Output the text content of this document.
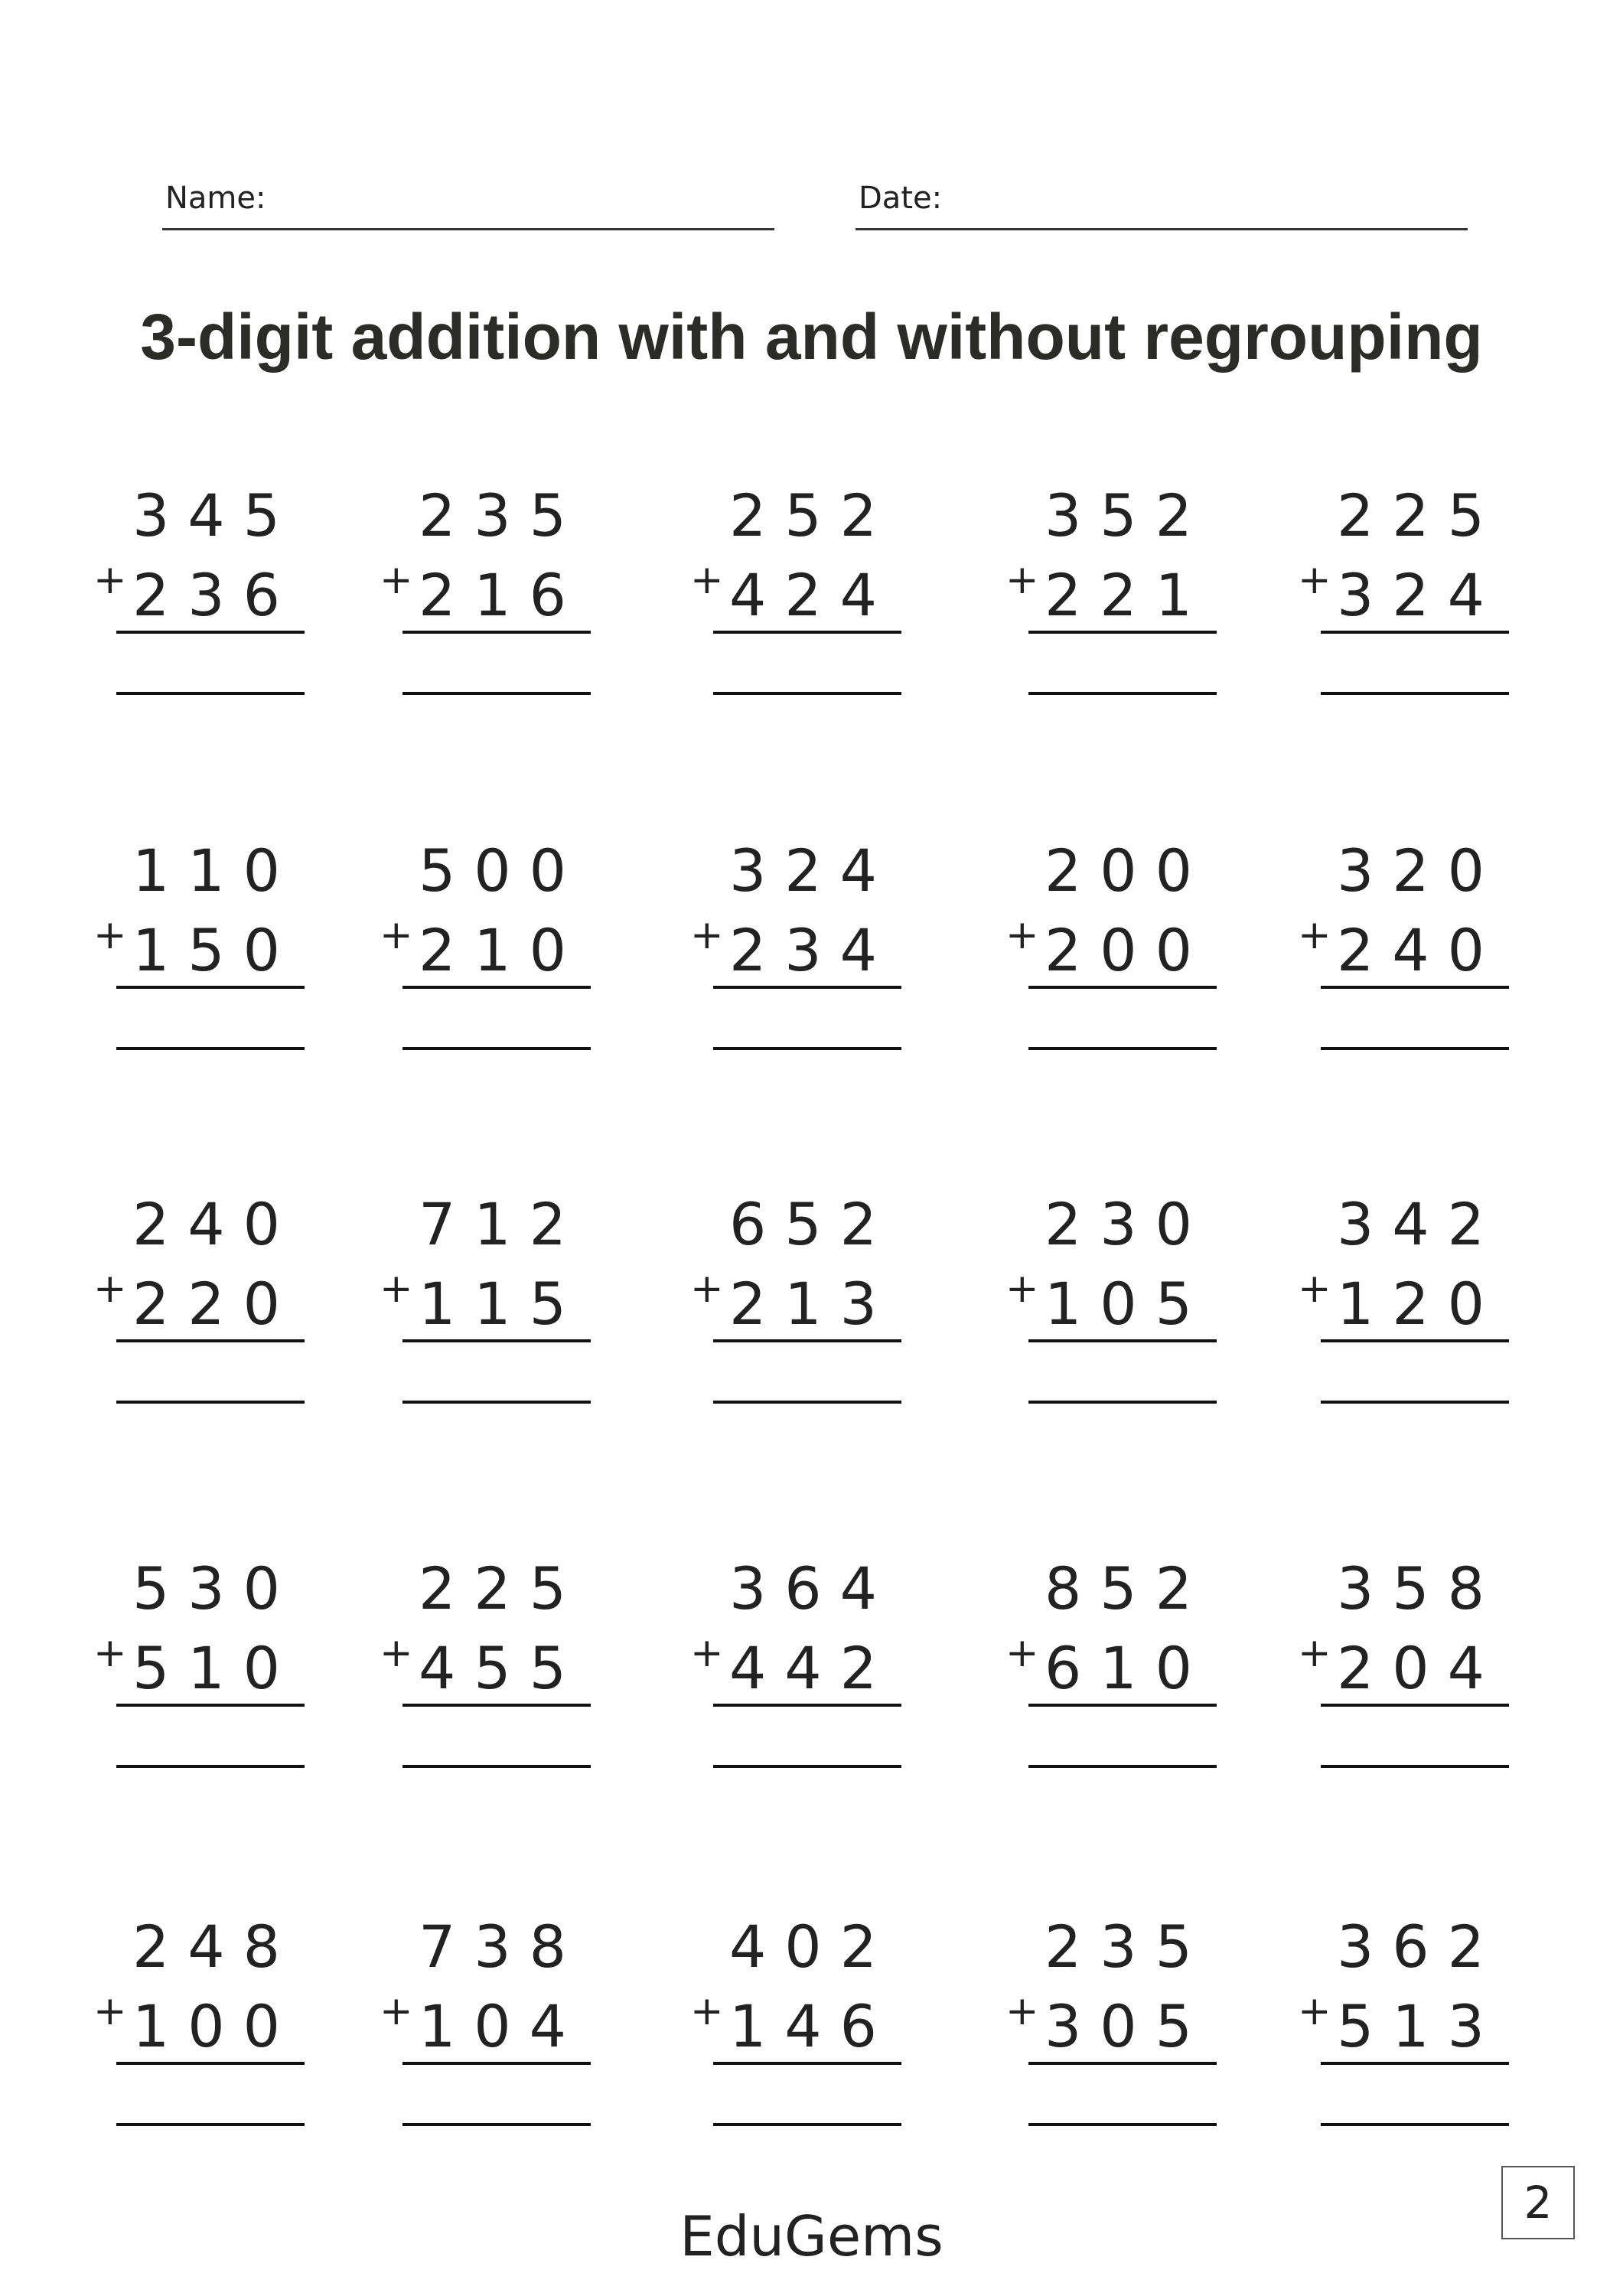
Name:	Date:
3-digit addition with and without regrouping
345
+ 236
235
+ 216
252
+ 424
352
+ 221
225
+ 324
110
+ 150
500
+ 210
324
+ 234
200
+ 200
320
+ 240
240
+ 220
712
+ 115
652
+ 213
230
+ 105
342
+ 120
530
+ 510
225
+ 455
364
+ 442
852
+ 610
358
+ 204
248
+ 100
738
+ 104
402
+ 146
235
+ 305
362
+ 513
EduGems
2
